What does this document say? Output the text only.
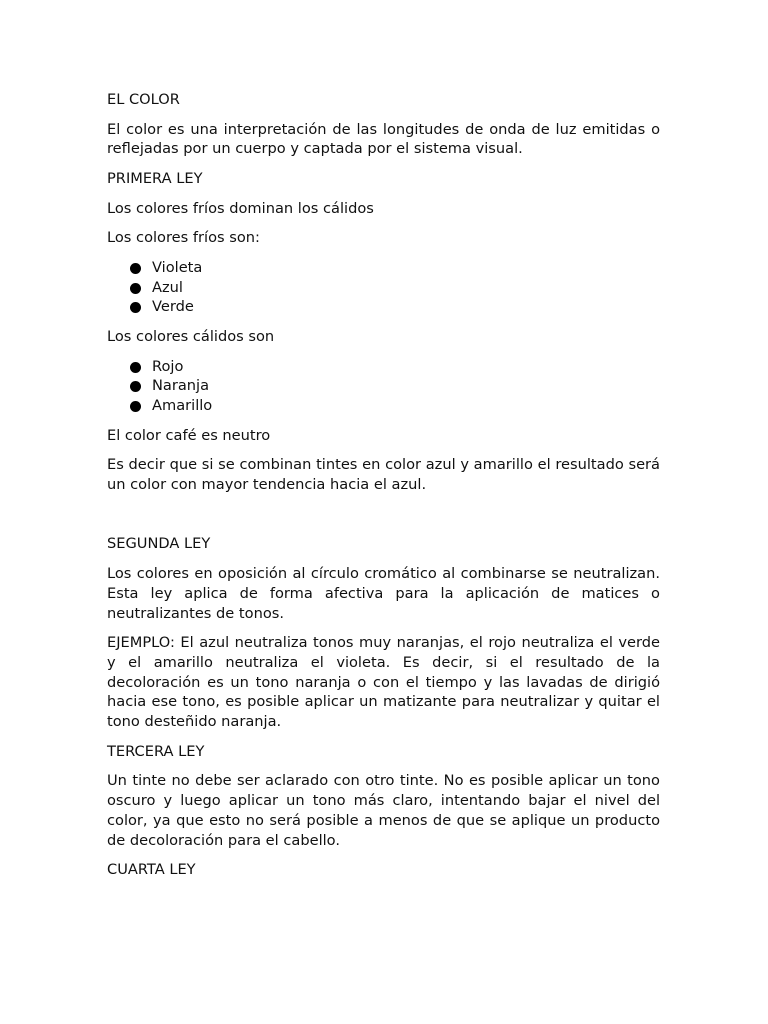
EL COLOR
El color es una interpretación de las longitudes de onda de luz emitidas o reflejadas por un cuerpo y captada por el sistema visual.
PRIMERA LEY
Los colores fríos dominan los cálidos
Los colores fríos son:
Violeta
Azul
Verde
Los colores cálidos son
Rojo
Naranja
Amarillo
El color café es neutro
Es decir que si se combinan tintes en color azul y amarillo el resultado será un color con mayor tendencia hacia el azul.
SEGUNDA LEY
Los colores en oposición al círculo cromático al combinarse se neutralizan. Esta ley aplica de forma afectiva para la aplicación de matices o neutralizantes de tonos.
EJEMPLO: El azul neutraliza tonos muy naranjas, el rojo neutraliza el verde y el amarillo neutraliza el violeta. Es decir, si el resultado de la decoloración es un tono naranja o con el tiempo y las lavadas de dirigió hacia ese tono, es posible aplicar un matizante para neutralizar y quitar el tono desteñido naranja.
TERCERA LEY
Un tinte no debe ser aclarado con otro tinte. No es posible aplicar un tono oscuro y luego aplicar un tono más claro, intentando bajar el nivel del color, ya que esto no será posible a menos de que se aplique un producto de decoloración para el cabello.
CUARTA LEY
